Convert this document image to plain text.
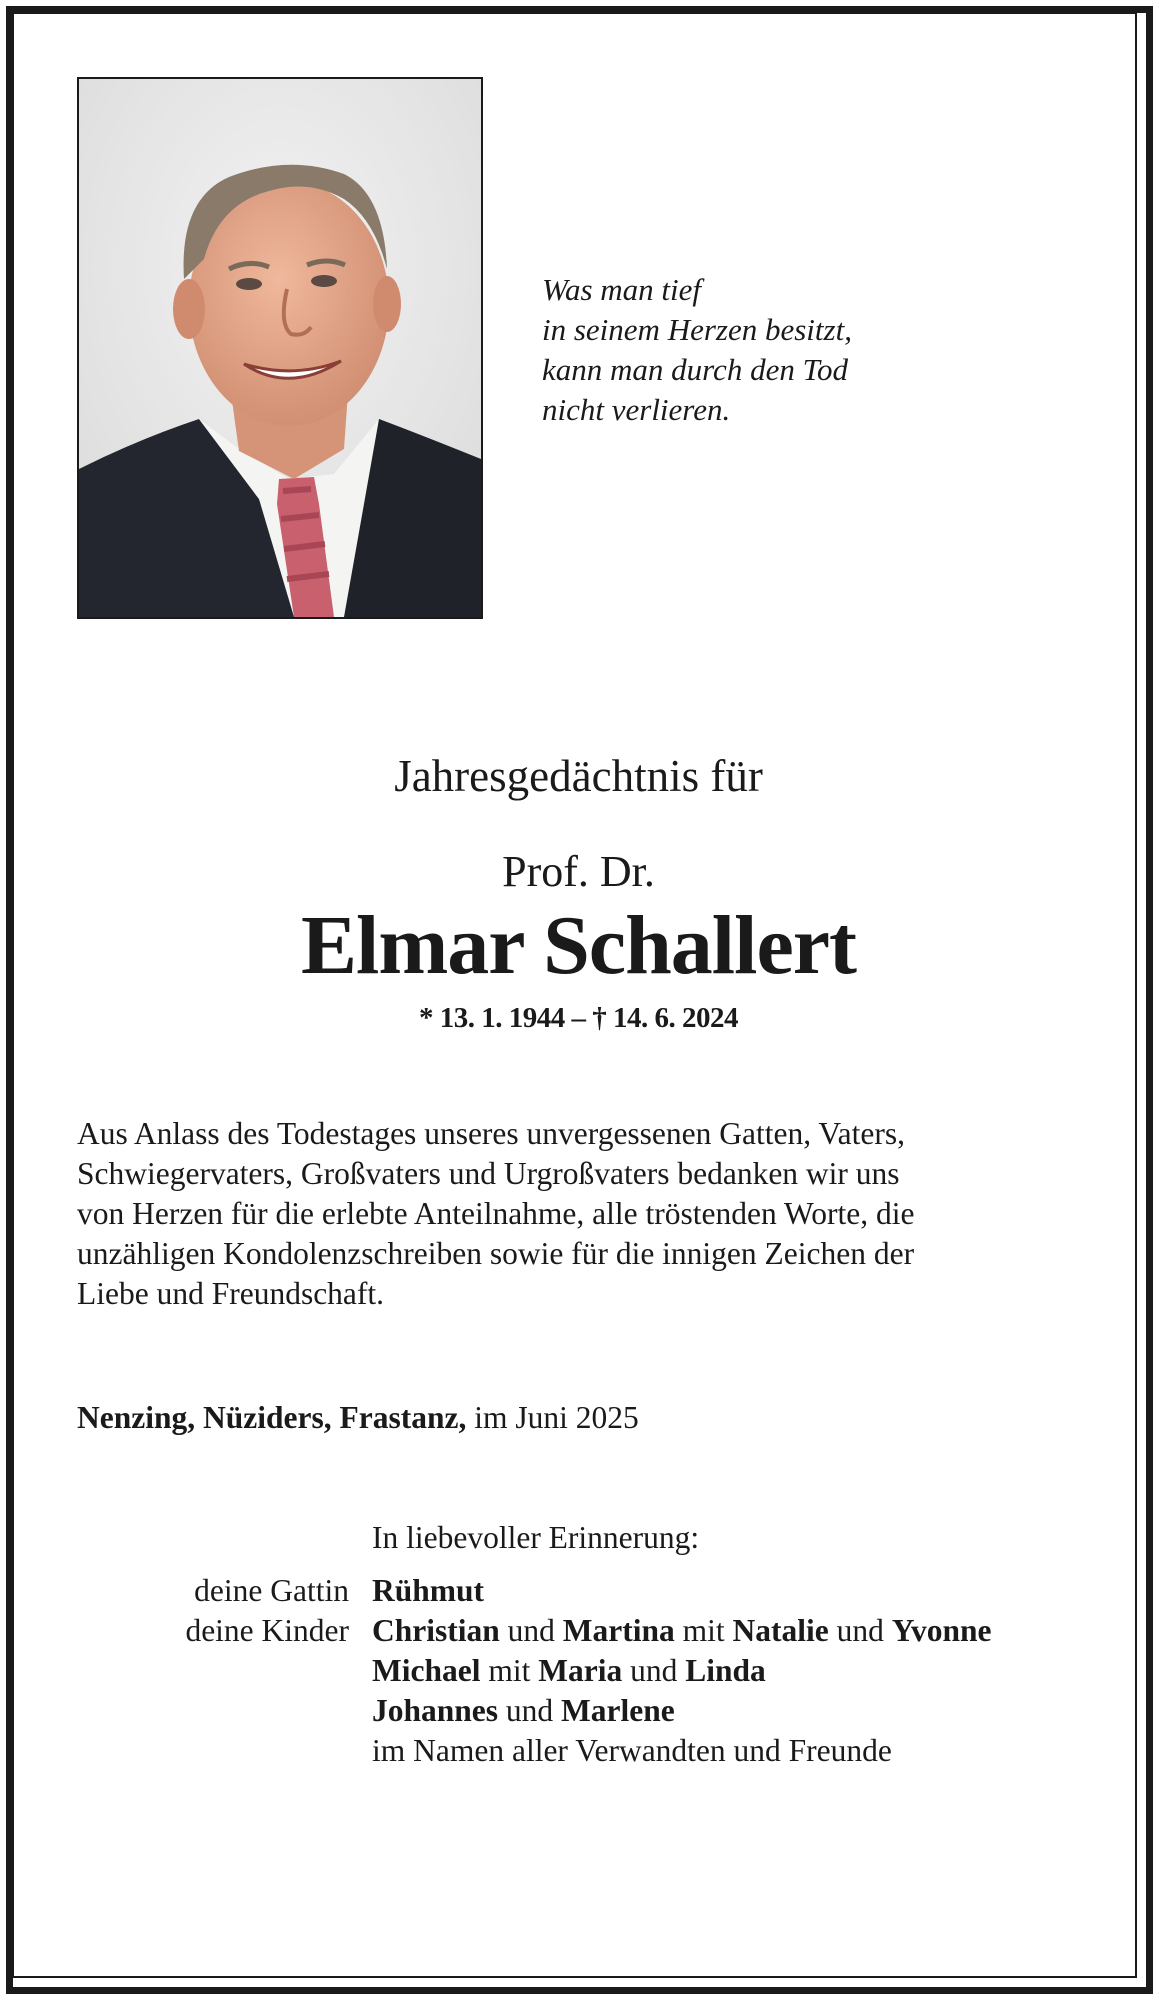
Was man tief
in seinem Herzen besitzt,
kann man durch den Tod
nicht verlieren.
Jahresgedächtnis für
Prof. Dr.
Elmar Schallert
* 13. 1. 1944 – † 14. 6. 2024
Aus Anlass des Todestages unseres unvergessenen Gatten, Vaters,
Schwiegervaters, Großvaters und Urgroßvaters bedanken wir uns
von Herzen für die erlebte Anteilnahme, alle tröstenden Worte, die
unzähligen Kondolenzschreiben sowie für die innigen Zeichen der
Liebe und Freundschaft.
Nenzing, Nüziders, Frastanz, im Juni 2025
In liebevoller Erinnerung:
deine Gattin Rühmut
deine Kinder Christian und Martina mit Natalie und Yvonne
Michael mit Maria und Linda
Johannes und Marlene
im Namen aller Verwandten und Freunde
